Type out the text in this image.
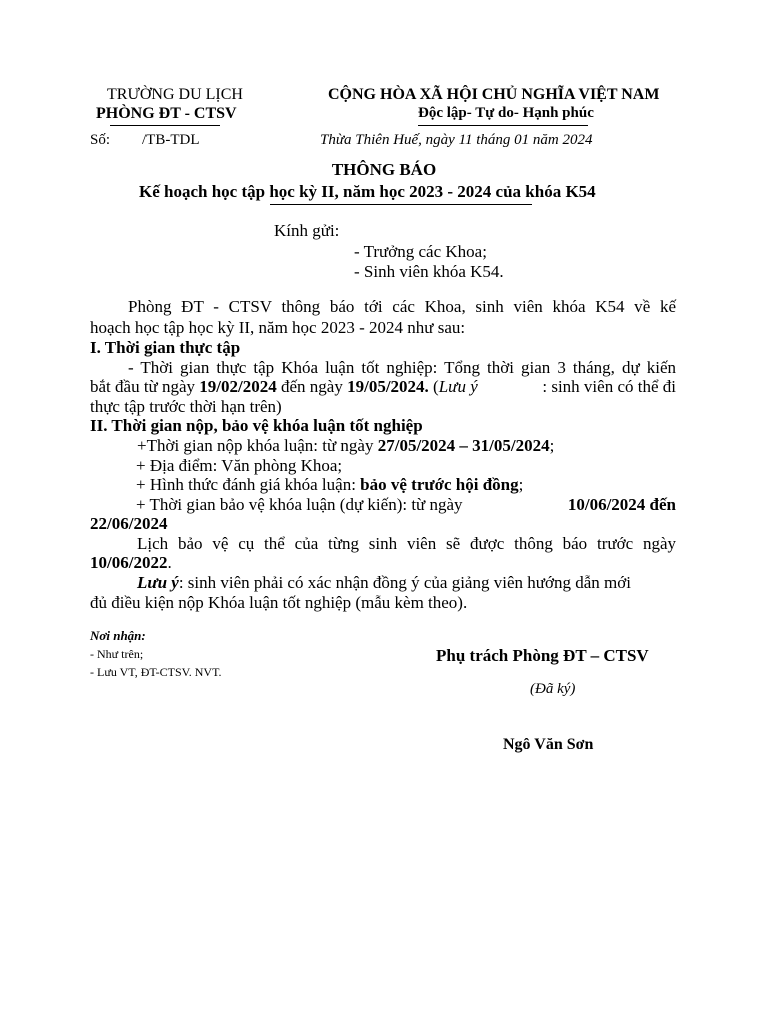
TRƯỜNG DU LỊCH
PHÒNG ĐT - CTSV
CỘNG HÒA XÃ HỘI CHỦ NGHĨA VIỆT NAM
Độc lập- Tự do- Hạnh phúc
Số: /TB-TDL	Thừa Thiên Huế, ngày 11 tháng 01 năm 2024
THÔNG BÁO
Kế hoạch học tập học kỳ II, năm học 2023 - 2024 của khóa K54
Kính gửi:
- Trưởng các Khoa;
- Sinh viên khóa K54.
Phòng ĐT - CTSV thông báo tới các Khoa, sinh viên khóa K54 về kế
hoạch học tập học kỳ II, năm học 2023 - 2024 như sau:
I. Thời gian thực tập
- Thời gian thực tập Khóa luận tốt nghiệp: Tổng thời gian 3 tháng, dự kiến
bắt đầu từ ngày 19/02/2024 đến ngày 19/05/2024. (Lưu ý	: sinh viên có thể đi
thực tập trước thời hạn trên)
II. Thời gian nộp, bảo vệ khóa luận tốt nghiệp
+Thời gian nộp khóa luận: từ ngày 27/05/2024 – 31/05/2024;
+ Địa điểm: Văn phòng Khoa;
+ Hình thức đánh giá khóa luận: bảo vệ trước hội đồng;
+ Thời gian bảo vệ khóa luận (dự kiến): từ ngày	10/06/2024 đến
22/06/2024
Lịch bảo vệ cụ thể của từng sinh viên sẽ được thông báo trước ngày
10/06/2022.
Lưu ý: sinh viên phải có xác nhận đồng ý của giảng viên hướng dẫn mới
đủ điều kiện nộp Khóa luận tốt nghiệp (mẫu kèm theo).
Nơi nhận:
- Như trên;
- Lưu VT, ĐT-CTSV. NVT.
Phụ trách Phòng ĐT – CTSV
(Đã ký)
Ngô Văn Sơn
